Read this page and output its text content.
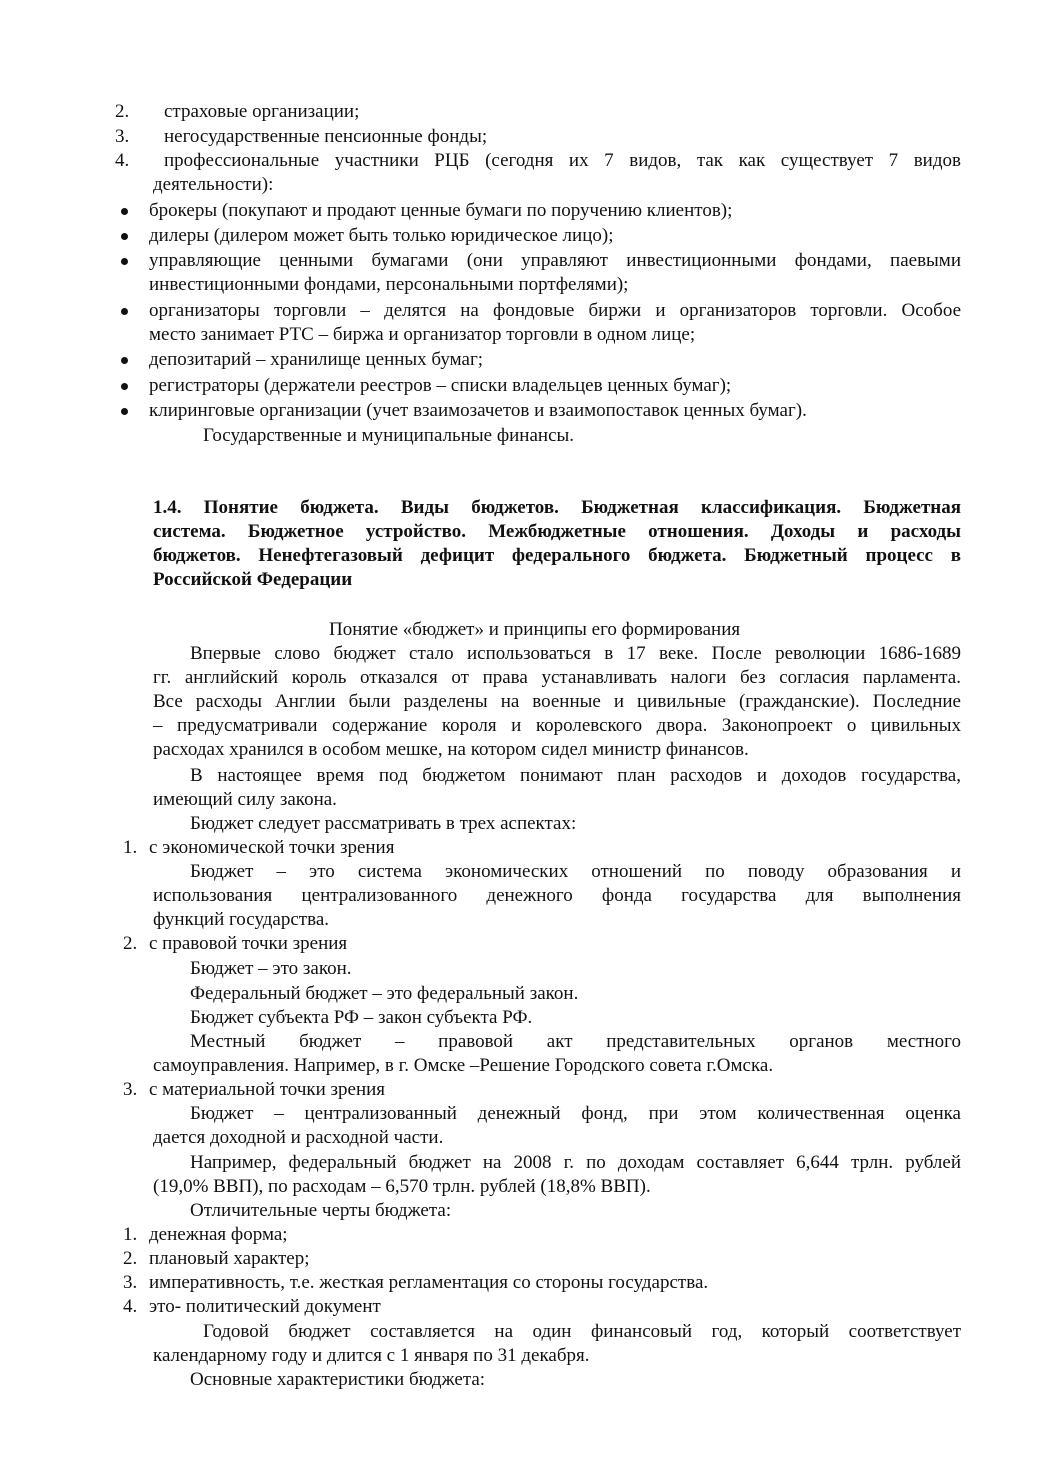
2. страховые организации;
3. негосударственные пенсионные фонды;
4. профессиональные участники РЦБ (сегодня их 7 видов, так как существует 7 видов
деятельности):
брокеры (покупают и продают ценные бумаги по поручению клиентов);
дилеры (дилером может быть только юридическое лицо);
управляющие ценными бумагами (они управляют инвестиционными фондами, паевыми
инвестиционными фондами, персональными портфелями);
организаторы торговли – делятся на фондовые биржи и организаторов торговли. Особое
место занимает РТС – биржа и организатор торговли в одном лице;
депозитарий – хранилище ценных бумаг;
регистраторы (держатели реестров – списки владельцев ценных бумаг);
клиринговые организации (учет взаимозачетов и взаимопоставок ценных бумаг).
Государственные и муниципальные финансы.
1.4. Понятие бюджета. Виды бюджетов. Бюджетная классификация. Бюджетная
система. Бюджетное устройство. Межбюджетные отношения. Доходы и расходы
бюджетов. Ненефтегазовый дефицит федерального бюджета. Бюджетный процесс в
Российской Федерации
Понятие «бюджет» и принципы его формирования
Впервые слово бюджет стало использоваться в 17 веке. После революции 1686-1689
гг. английский король отказался от права устанавливать налоги без согласия парламента.
Все расходы Англии были разделены на военные и цивильные (гражданские). Последние
– предусматривали содержание короля и королевского двора. Законопроект о цивильных
расходах хранился в особом мешке, на котором сидел министр финансов.
В настоящее время под бюджетом понимают план расходов и доходов государства,
имеющий силу закона.
Бюджет следует рассматривать в трех аспектах:
1. с экономической точки зрения
Бюджет – это система экономических отношений по поводу образования и
использования централизованного денежного фонда государства для выполнения
функций государства.
2. с правовой точки зрения
Бюджет – это закон.
Федеральный бюджет – это федеральный закон.
Бюджет субъекта РФ – закон субъекта РФ.
Местный бюджет – правовой акт представительных органов местного
самоуправления. Например, в г. Омске –Решение Городского совета г.Омска.
3. с материальной точки зрения
Бюджет – централизованный денежный фонд, при этом количественная оценка
дается доходной и расходной части.
Например, федеральный бюджет на 2008 г. по доходам составляет 6,644 трлн. рублей
(19,0% ВВП), по расходам – 6,570 трлн. рублей (18,8% ВВП).
Отличительные черты бюджета:
1. денежная форма;
2. плановый характер;
3. императивность, т.е. жесткая регламентация со стороны государства.
4. это- политический документ
Годовой бюджет составляется на один финансовый год, который соответствует
календарному году и длится с 1 января по 31 декабря.
Основные характеристики бюджета:
